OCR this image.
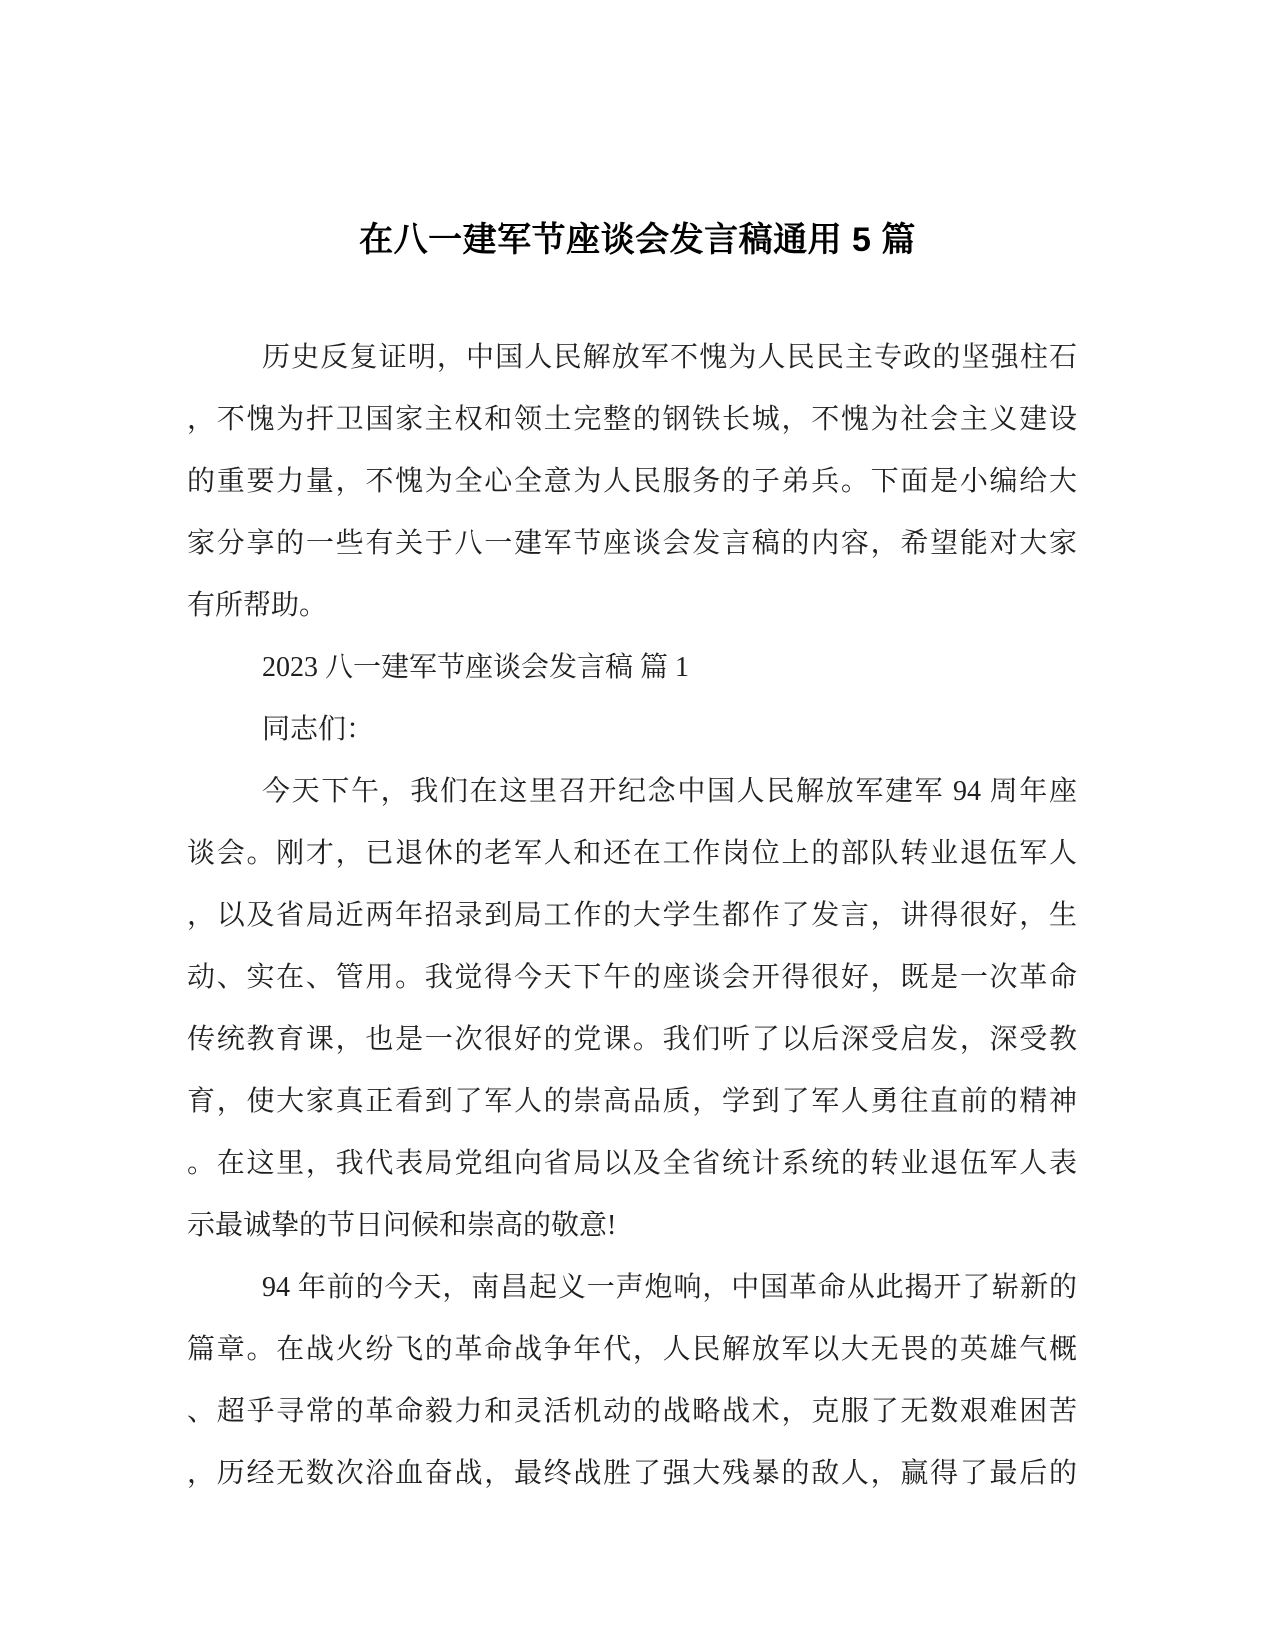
在八一建军节座谈会发言稿通用 5 篇
历史反复证明，中国人民解放军不愧为人民民主专政的坚强柱石
，不愧为扞卫国家主权和领土完整的钢铁长城，不愧为社会主义建设
的重要力量，不愧为全心全意为人民服务的子弟兵。下面是小编给大
家分享的一些有关于八一建军节座谈会发言稿的内容，希望能对大家
有所帮助。
2023 八一建军节座谈会发言稿 篇 1
同志们：
今天下午，我们在这里召开纪念中国人民解放军建军 94 周年座
谈会。刚才，已退休的老军人和还在工作岗位上的部队转业退伍军人
，以及省局近两年招录到局工作的大学生都作了发言，讲得很好，生
动、实在、管用。我觉得今天下午的座谈会开得很好，既是一次革命
传统教育课，也是一次很好的党课。我们听了以后深受启发，深受教
育，使大家真正看到了军人的崇高品质，学到了军人勇往直前的精神
。在这里，我代表局党组向省局以及全省统计系统的转业退伍军人表
示最诚挚的节日问候和崇高的敬意!
94 年前的今天，南昌起义一声炮响，中国革命从此揭开了崭新的
篇章。在战火纷飞的革命战争年代，人民解放军以大无畏的英雄气概
、超乎寻常的革命毅力和灵活机动的战略战术，克服了无数艰难困苦
，历经无数次浴血奋战，最终战胜了强大残暴的敌人，赢得了最后的
